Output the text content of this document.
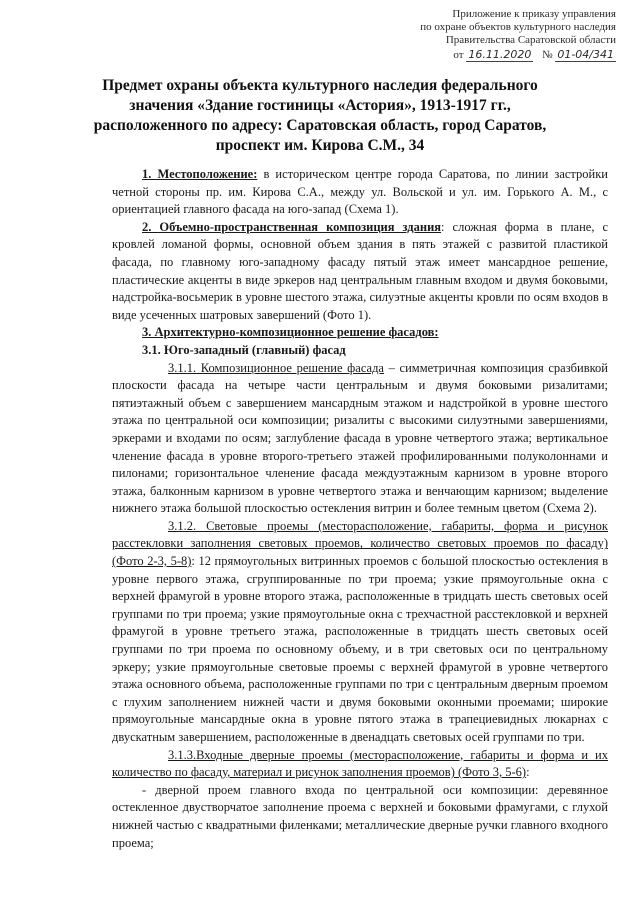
Приложение к приказу управления
по охране объектов культурного наследия
Правительства Саратовской области
от 16.11.2020 № 01-04/341
Предмет охраны объекта культурного наследия федерального
значения «Здание гостиницы «Астория», 1913-1917 гг.,
расположенного по адресу: Саратовская область, город Саратов,
проспект им. Кирова С.М., 34

1. Местоположение: в историческом центре города Саратова, по линии застройки четной стороны пр. им. Кирова С.А., между ул. Вольской и ул. им. Горького А. М., с ориентацией главного фасада на юго-запад (Схема 1).

2. Объемно-пространственная композиция здания: сложная форма в плане, с кровлей ломаной формы, основной объем здания в пять этажей с развитой пластикой фасада, по главному юго-западному фасаду пятый этаж имеет мансардное решение, пластические акценты в виде эркеров над центральным главным входом и двумя боковыми, надстройка-восьмерик в уровне шестого этажа, силуэтные акценты кровли по осям входов в виде усеченных шатровых завершений (Фото 1).

3. Архитектурно-композиционное решение фасадов:

3.1. Юго-западный (главный) фасад

3.1.1. Композиционное решение фасада – симметричная композиция сразбивкой плоскости фасада на четыре части центральным и двумя боковыми ризалитами; пятиэтажный объем с завершением мансардным этажом и надстройкой в уровне шестого этажа по центральной оси композиции; ризалиты с высокими силуэтными завершениями, эркерами и входами по осям; заглубление фасада в уровне четвертого этажа; вертикальное членение фасада в уровне второго-третьего этажей профилированными полуколоннами и пилонами; горизонтальное членение фасада междуэтажным карнизом в уровне второго этажа, балконным карнизом в уровне четвертого этажа и венчающим карнизом; выделение нижнего этажа большой плоскостью остекления витрин и более темным цветом (Схема 2).

3.1.2. Световые проемы (месторасположение, габариты, форма и рисунок расстекловки заполнения световых проемов, количество световых проемов по фасаду) (Фото 2-3, 5-8): 12 прямоугольных витринных проемов с большой плоскостью остекления в уровне первого этажа, сгруппированные по три проема; узкие прямоугольные окна с верхней фрамугой в уровне второго этажа, расположенные в тридцать шесть световых осей группами по три проема; узкие прямоугольные окна с трехчастной расстекловкой и верхней фрамугой в уровне третьего этажа, расположенные в тридцать шесть световых осей группами по три проема по основному объему, и в три световых оси по центральному эркеру; узкие прямоугольные световые проемы с верхней фрамугой в уровне четвертого этажа основного объема, расположенные группами по три с центральным дверным проемом с глухим заполнением нижней части и двумя боковыми оконными проемами; широкие прямоугольные мансардные окна в уровне пятого этажа в трапециевидных люкарнах с двускатным завершением, расположенные в двенадцать световых осей группами по три.

3.1.3.Входные дверные проемы (месторасположение, габариты и форма и их количество по фасаду, материал и рисунок заполнения проемов) (Фото 3, 5-6):

- дверной проем главного входа по центральной оси композиции: деревянное остекленное двустворчатое заполнение проема с верхней и боковыми фрамугами, с глухой нижней частью с квадратными филенками; металлические дверные ручки главного входного проема;
